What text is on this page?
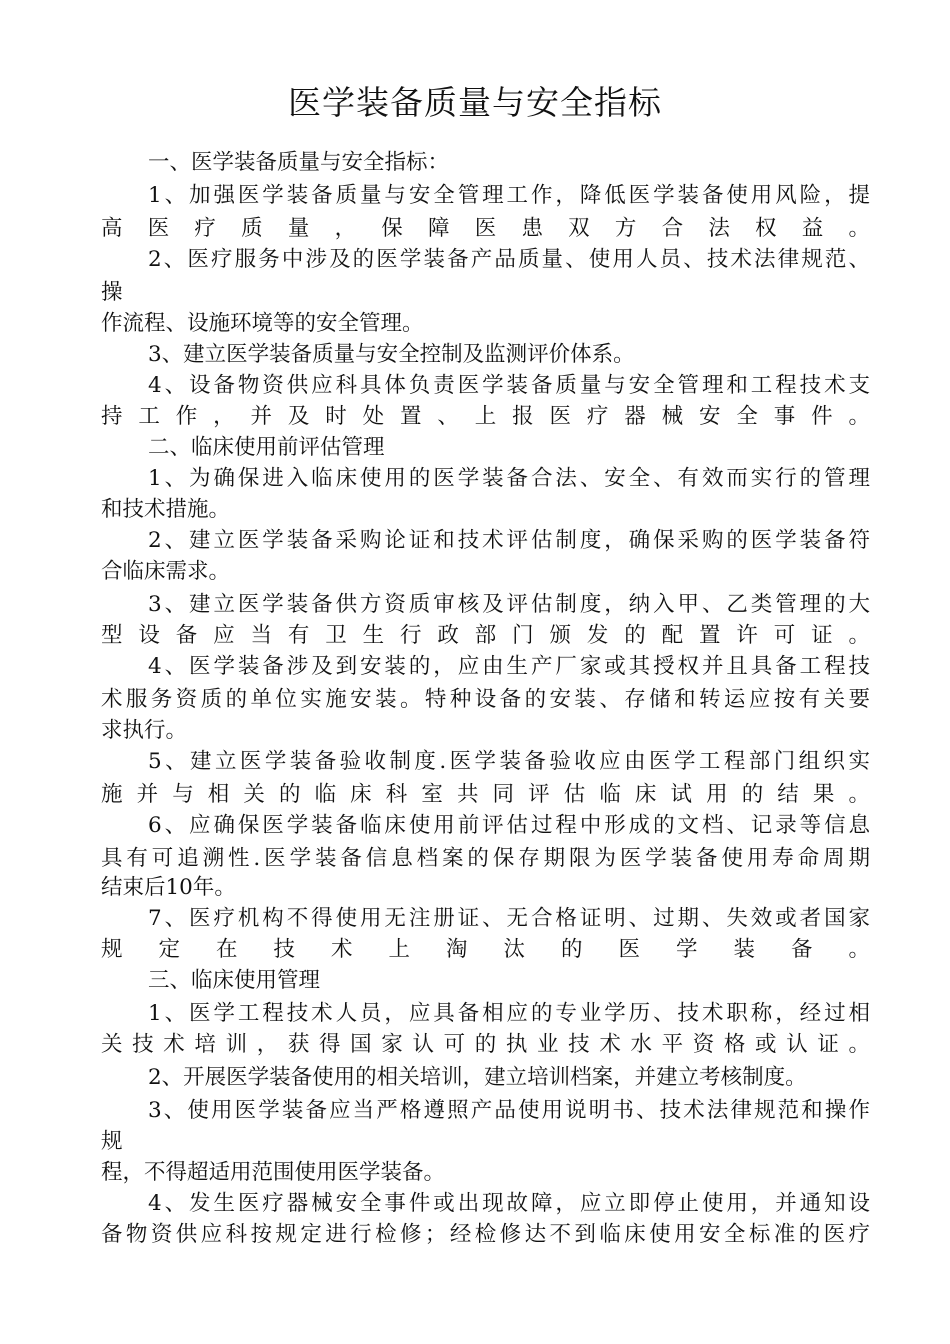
医学装备质量与安全指标
一、医学装备质量与安全指标：
1、加强医学装备质量与安全管理工作，降低医学装备使用风险，提
高医疗质量，保障医患双方合法权益。
2、医疗服务中涉及的医学装备产品质量、使用人员、技术法律规范、
操
作流程、设施环境等的安全管理。
3、建立医学装备质量与安全控制及监测评价体系。
4、设备物资供应科具体负责医学装备质量与安全管理和工程技术支
持工作，并及时处置、上报医疗器械安全事件。
二、临床使用前评估管理
1、为确保进入临床使用的医学装备合法、安全、有效而实行的管理
和技术措施。
2、建立医学装备采购论证和技术评估制度，确保采购的医学装备符
合临床需求。
3、建立医学装备供方资质审核及评估制度，纳入甲、乙类管理的大
型设备应当有卫生行政部门颁发的配置许可证。
4、医学装备涉及到安装的，应由生产厂家或其授权并且具备工程技
术服务资质的单位实施安装。特种设备的安装、存储和转运应按有关要
求执行。
5、建立医学装备验收制度.医学装备验收应由医学工程部门组织实
施并与相关的临床科室共同评估临床试用的结果。
6、应确保医学装备临床使用前评估过程中形成的文档、记录等信息
具有可追溯性.医学装备信息档案的保存期限为医学装备使用寿命周期
结束后10年。
7、医疗机构不得使用无注册证、无合格证明、过期、失效或者国家
规定在技术上淘汰的医学装备。
三、临床使用管理
1、医学工程技术人员，应具备相应的专业学历、技术职称，经过相
关技术培训，获得国家认可的执业技术水平资格或认证。
2、开展医学装备使用的相关培训，建立培训档案，并建立考核制度。
3、使用医学装备应当严格遵照产品使用说明书、技术法律规范和操作
规
程，不得超适用范围使用医学装备。
4、发生医疗器械安全事件或出现故障，应立即停止使用，并通知设
备物资供应科按规定进行检修；经检修达不到临床使用安全标准的医疗
